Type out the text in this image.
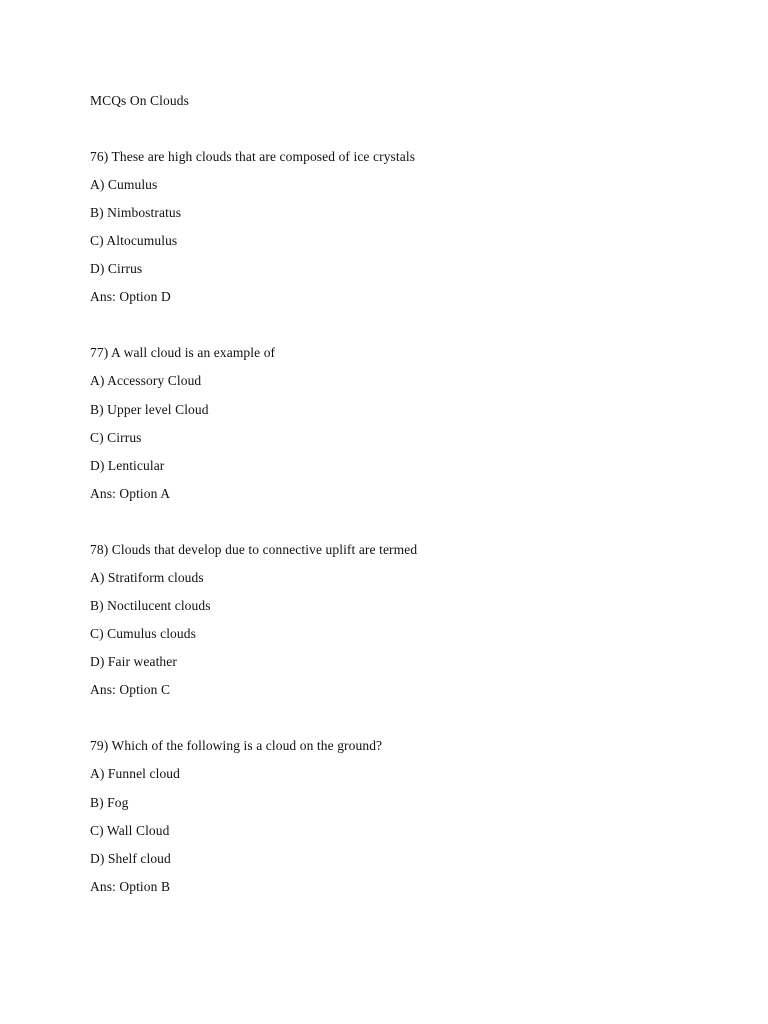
MCQs On Clouds
76) These are high clouds that are composed of ice crystals
A) Cumulus
B) Nimbostratus
C) Altocumulus
D) Cirrus
Ans: Option D
77) A wall cloud is an example of
A) Accessory Cloud
B) Upper level Cloud
C) Cirrus
D) Lenticular
Ans: Option A
78) Clouds that develop due to connective uplift are termed
A) Stratiform clouds
B) Noctilucent clouds
C) Cumulus clouds
D) Fair weather
Ans: Option C
79) Which of the following is a cloud on the ground?
A) Funnel cloud
B) Fog
C) Wall Cloud
D) Shelf cloud
Ans: Option B
